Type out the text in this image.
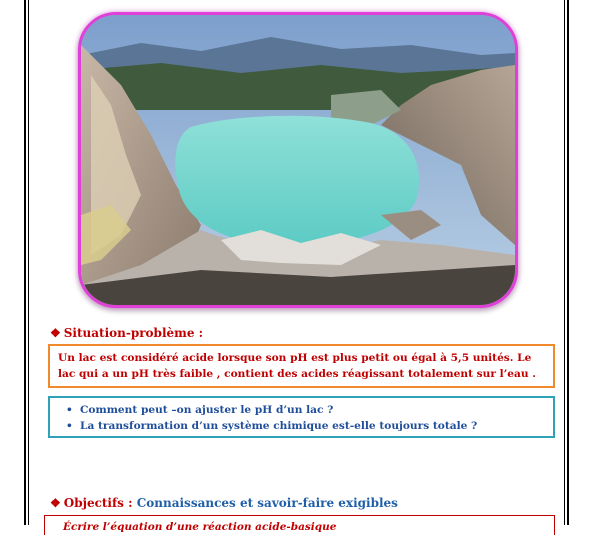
❖ Situation-problème :
Un lac est considéré acide lorsque son pH est plus petit ou égal à 5,5 unités. Le lac qui a un pH très faible , contient des acides réagissant totalement sur l’eau .
• Comment peut –on ajuster le pH d’un lac ?
• La transformation d’un système chimique est-elle toujours totale ?
❖ Objectifs : Connaissances et savoir-faire exigibles
Écrire l’équation d’une réaction acide-basique
